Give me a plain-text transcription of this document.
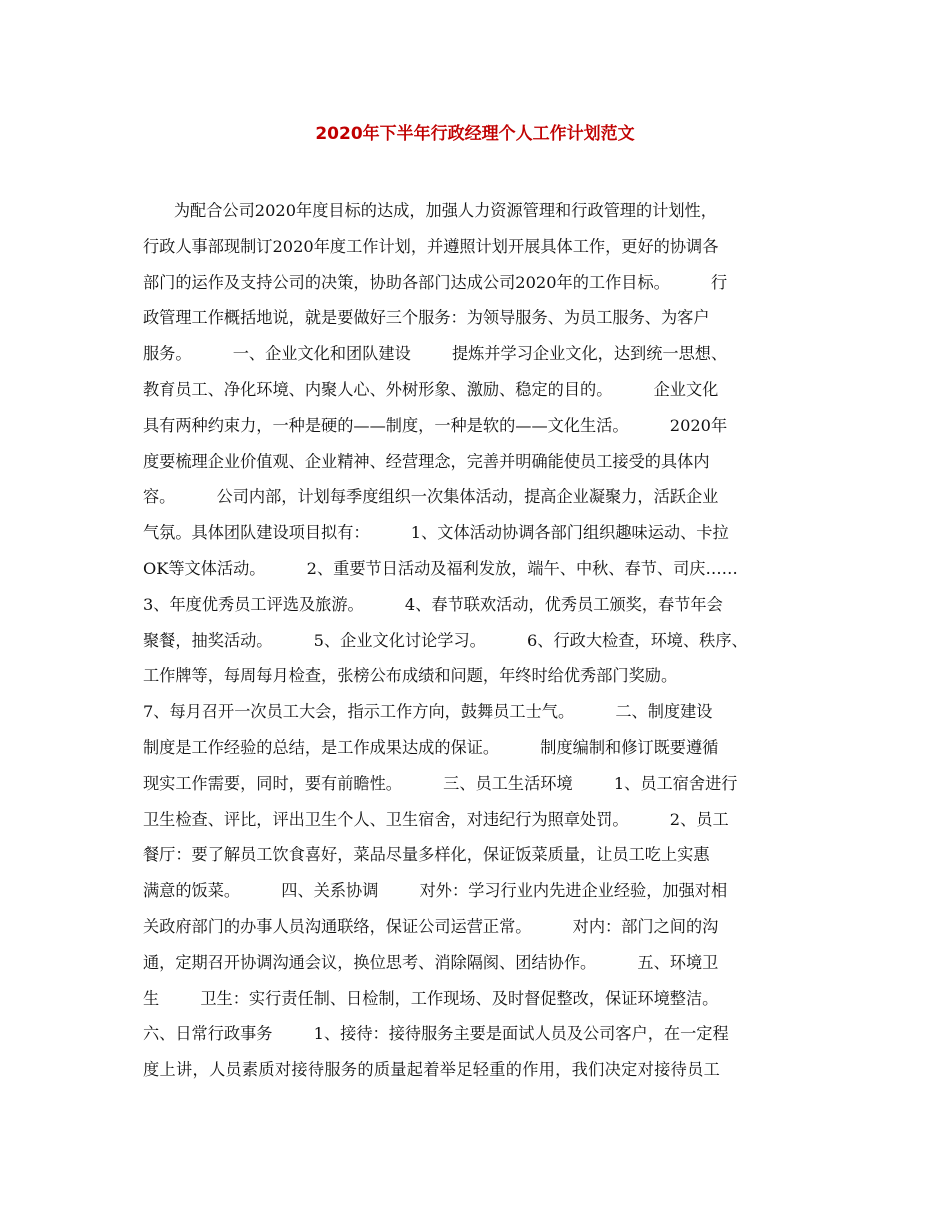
2020年下半年行政经理个人工作计划范文
为配合公司2020年度目标的达成，加强人力资源管理和行政管理的计划性，
行政人事部现制订2020年度工作计划，并遵照计划开展具体工作，更好的协调各
部门的运作及支持公司的决策，协助各部门达成公司2020年的工作目标。        行
政管理工作概括地说，就是要做好三个服务：为领导服务、为员工服务、为客户
服务。        一、企业文化和团队建设        提炼并学习企业文化，达到统一思想、
教育员工、净化环境、内聚人心、外树形象、激励、稳定的目的。        企业文化
具有两种约束力，一种是硬的——制度，一种是软的——文化生活。        2020年
度要梳理企业价值观、企业精神、经营理念，完善并明确能使员工接受的具体内
容。        公司内部，计划每季度组织一次集体活动，提高企业凝聚力，活跃企业
气氛。具体团队建设项目拟有：        1、文体活动协调各部门组织趣味运动、卡拉
OK等文体活动。        2、重要节日活动及福利发放，端午、中秋、春节、司庆……
3、年度优秀员工评选及旅游。        4、春节联欢活动，优秀员工颁奖，春节年会
聚餐，抽奖活动。        5、企业文化讨论学习。        6、行政大检查，环境、秩序、
工作牌等，每周每月检查，张榜公布成绩和问题，年终时给优秀部门奖励。
7、每月召开一次员工大会，指示工作方向，鼓舞员工士气。        二、制度建设
制度是工作经验的总结，是工作成果达成的保证。        制度编制和修订既要遵循
现实工作需要，同时，要有前瞻性。        三、员工生活环境        1、员工宿舍进行
卫生检查、评比，评出卫生个人、卫生宿舍，对违纪行为照章处罚。        2、员工
餐厅：要了解员工饮食喜好，菜品尽量多样化，保证饭菜质量，让员工吃上实惠
满意的饭菜。        四、关系协调        对外：学习行业内先进企业经验，加强对相
关政府部门的办事人员沟通联络，保证公司运营正常。        对内：部门之间的沟
通，定期召开协调沟通会议，换位思考、消除隔阂、团结协作。        五、环境卫
生        卫生：实行责任制、日检制，工作现场、及时督促整改，保证环境整洁。
六、日常行政事务        1、接待：接待服务主要是面试人员及公司客户，在一定程
度上讲，人员素质对接待服务的质量起着举足轻重的作用，我们决定对接待员工
